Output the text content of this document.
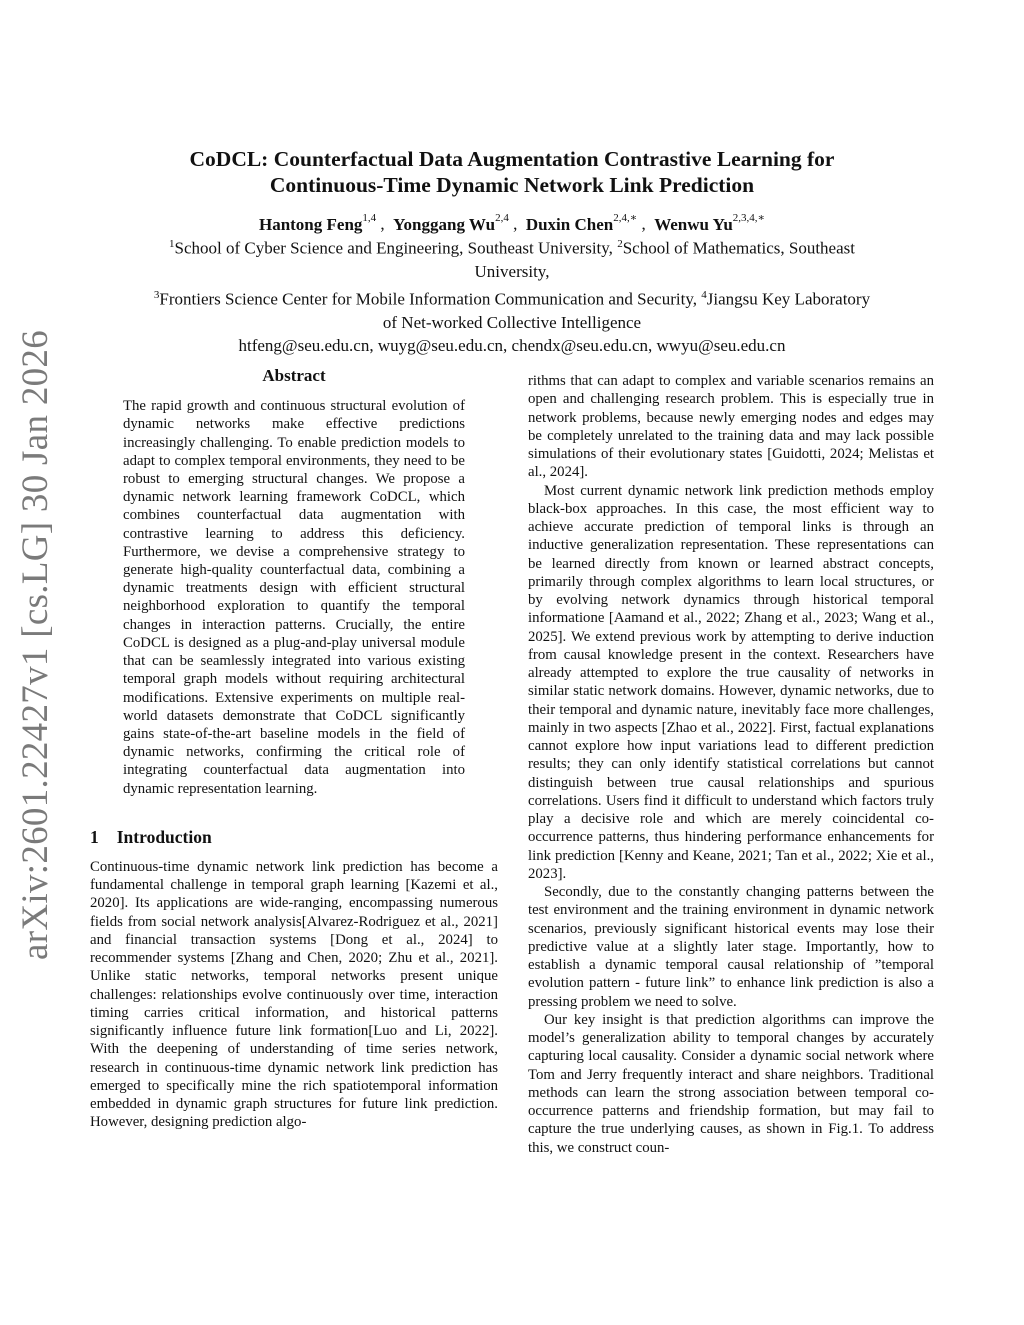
arXiv:2601.22427v1 [cs.LG] 30 Jan 2026
CoDCL: Counterfactual Data Augmentation Contrastive Learning for
Continuous-Time Dynamic Network Link Prediction
Hantong Feng$^{1,4}$ ,  Yonggang Wu$^{2,4}$ ,  Duxin Chen$^{2,4,∗}$ ,  Wenwu $Yu^{2,3,4,∗}$
$^1$School of Cyber Science and Engineering, Southeast University, $^2$School of Mathematics, Southeast
University,
$^3$Frontiers Science Center for Mobile Information Communication and Security, $^4$Jiangsu Key Laboratory
of Net-worked Collective Intelligence
htfeng@seu.edu.cn, wuyg@seu.edu.cn, chendx@seu.edu.cn, wwyu@seu.edu.cn
Abstract
The rapid growth and continuous structural evolution of dynamic networks make effective predictions increasingly challenging. To enable prediction models to adapt to complex temporal environments, they need to be robust to emerging structural changes. We propose a dynamic network learning framework CoDCL, which combines counterfactual data augmentation with contrastive learning to address this deficiency. Furthermore, we devise a comprehensive strategy to generate high-quality counterfactual data, combining a dynamic treatments design with efficient structural neighborhood exploration to quantify the temporal changes in interaction patterns. Crucially, the entire CoDCL is designed as a plug-and-play universal module that can be seamlessly integrated into various existing temporal graph models without requiring architectural modifications. Extensive experiments on multiple real-world datasets demonstrate that CoDCL significantly gains state-of-the-art baseline models in the field of dynamic networks, confirming the critical role of integrating counterfactual data augmentation into dynamic representation learning.
1 Introduction

Continuous-time dynamic network link prediction has become a fundamental challenge in temporal graph learning [Kazemi et al., 2020]. Its applications are wide-ranging, encompassing numerous fields from social network analysis[Alvarez-Rodriguez et al., 2021] and financial transaction systems [Dong et al., 2024] to recommender systems [Zhang and Chen, 2020; Zhu et al., 2021]. Unlike static networks, temporal networks present unique challenges: relationships evolve continuously over time, interaction timing carries critical information, and historical patterns significantly influence future link formation[Luo and Li, 2022]. With the deepening of understanding of time series network, research in continuous-time dynamic network link prediction has emerged to specifically mine the rich spatiotemporal information embedded in dynamic graph structures for future link prediction. However, designing prediction algo-

rithms that can adapt to complex and variable scenarios remains an open and challenging research problem. This is especially true in network problems, because newly emerging nodes and edges may be completely unrelated to the training data and may lack possible simulations of their evolutionary states [Guidotti, 2024; Melistas et al., 2024].

Most current dynamic network link prediction methods employ black-box approaches. In this case, the most efficient way to achieve accurate prediction of temporal links is through an inductive generalization representation. These representations can be learned directly from known or learned abstract concepts, primarily through complex algorithms to learn local structures, or by evolving network dynamics through historical temporal informatione [Aamand et al., 2022; Zhang et al., 2023; Wang et al., 2025]. We extend previous work by attempting to derive induction from causal knowledge present in the context. Researchers have already attempted to explore the true causality of networks in similar static network domains. However, dynamic networks, due to their temporal and dynamic nature, inevitably face more challenges, mainly in two aspects [Zhao et al., 2022]. First, factual explanations cannot explore how input variations lead to different prediction results; they can only identify statistical correlations but cannot distinguish between true causal relationships and spurious correlations. Users find it difficult to understand which factors truly play a decisive role and which are merely coincidental co-occurrence patterns, thus hindering performance enhancements for link prediction [Kenny and Keane, 2021; Tan et al., 2022; Xie et al., 2023].

Secondly, due to the constantly changing patterns between the test environment and the training environment in dynamic network scenarios, previously significant historical events may lose their predictive value at a slightly later stage. Importantly, how to establish a dynamic temporal causal relationship of ”temporal evolution pattern - future link” to enhance link prediction is also a pressing problem we need to solve.

Our key insight is that prediction algorithms can improve the model’s generalization ability to temporal changes by accurately capturing local causality. Consider a dynamic social network where Tom and Jerry frequently interact and share neighbors. Traditional methods can learn the strong association between temporal co-occurrence patterns and friendship formation, but may fail to capture the true underlying causes, as shown in Fig.1. To address this, we construct coun-
